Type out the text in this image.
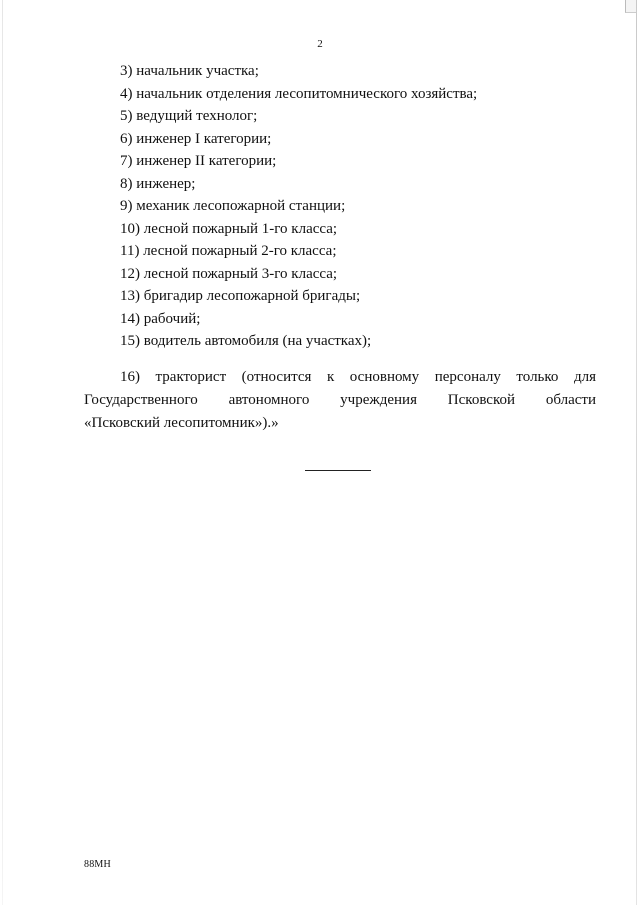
2
3) начальник участка;
4) начальник отделения лесопитомнического хозяйства;
5) ведущий технолог;
6) инженер I категории;
7) инженер II категории;
8) инженер;
9) механик лесопожарной станции;
10) лесной пожарный 1-го класса;
11) лесной пожарный 2-го класса;
12) лесной пожарный 3-го класса;
13) бригадир лесопожарной бригады;
14) рабочий;
15) водитель автомобиля (на участках);
16) тракторист (относится к основному персоналу только для
Государственного автономного учреждения Псковской области
«Псковский лесопитомник»).»
88МН
